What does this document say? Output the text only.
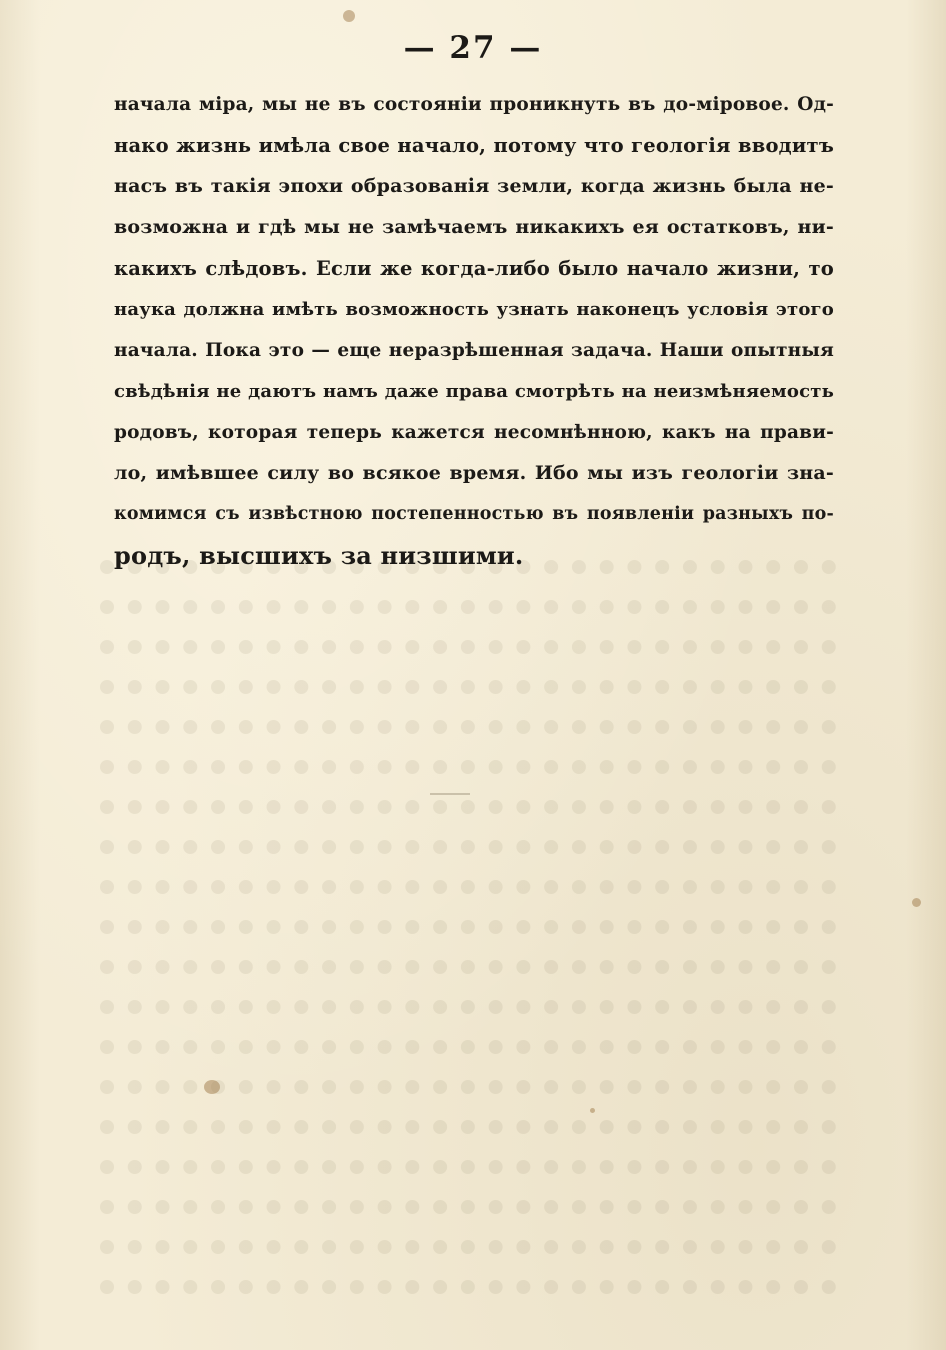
— 27 —
начала міра, мы не въ состояніи проникнуть въ до-міровое. Од-
нако жизнь имѣла свое начало, потому что геологія вводитъ
насъ въ такія эпохи образованія земли, когда жизнь была не-
возможна и гдѣ мы не замѣчаемъ никакихъ ея остатковъ, ни-
какихъ слѣдовъ. Если же когда-либо было начало жизни, то
наука должна имѣть возможность узнать наконецъ условія этого
начала. Пока это — еще неразрѣшенная задача. Наши опытныя
свѣдѣнія не даютъ намъ даже права смотрѣть на неизмѣняемость
родовъ, которая теперь кажется несомнѣнною, какъ на прави-
ло, имѣвшее силу во всякое время. Ибо мы изъ геологіи зна-
комимся съ извѣстною постепенностью въ появленіи разныхъ по-
родъ, высшихъ за низшими.
